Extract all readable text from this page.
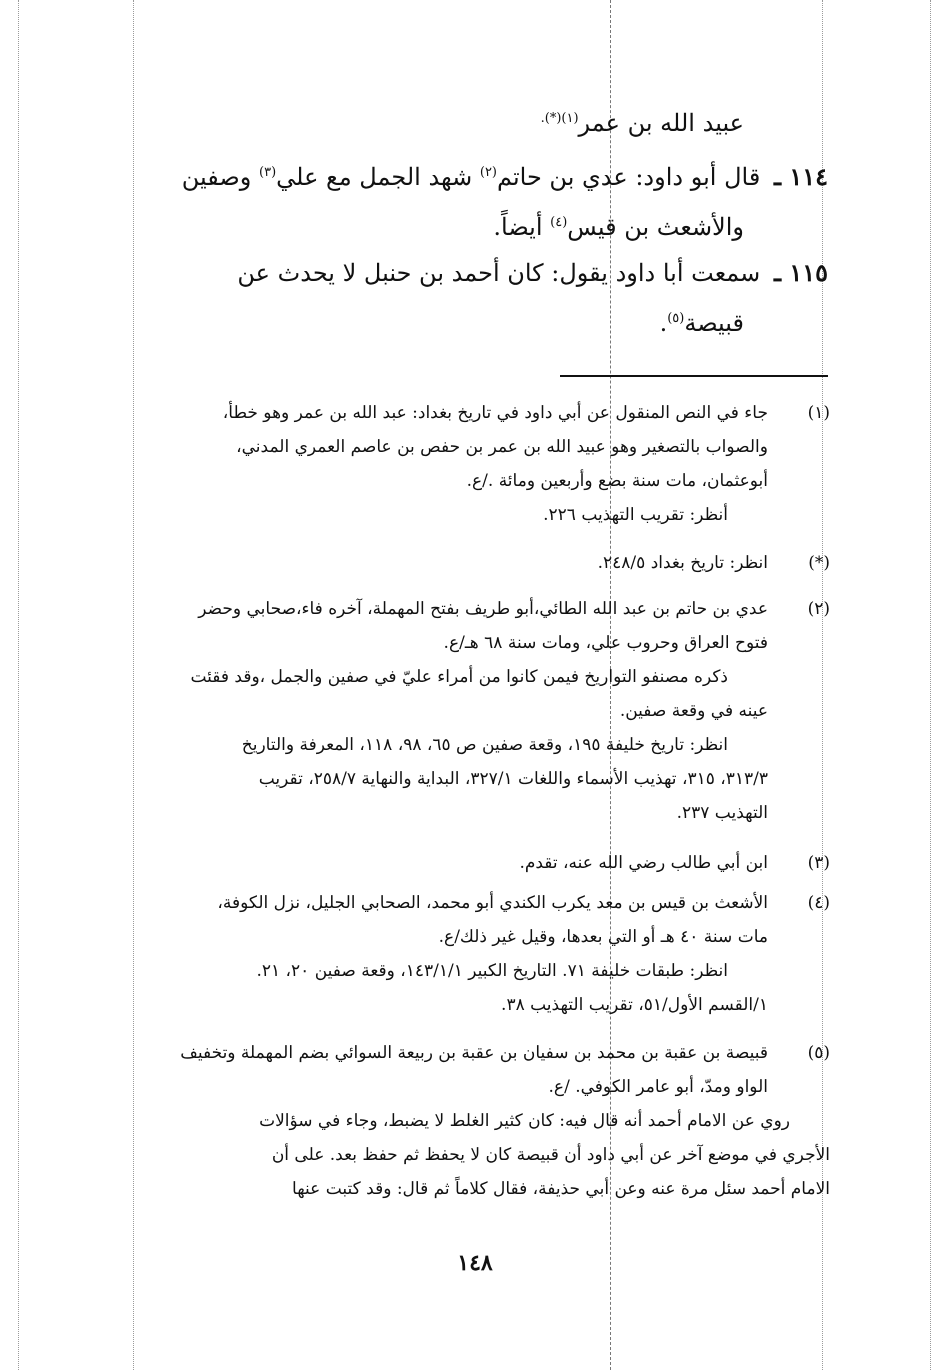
عبيد الله بن عمر$^{(١)(*).}$
١١٤ ـ قال أبو داود: عدي بن حاتم$^{(٢)}$ شهد الجمل مع علي$^{(٣)}$ وصفين
والأشعث بن قيس$^{(٤)}$ أيضاً.
١١٥ ـ سمعت أبا داود يقول: كان أحمد بن حنبل لا يحدث عن
قبيصة$^{(٥)}$.
(١)

جاء في النص المنقول عن أبي داود في تاريخ بغداد: عبد الله بن عمر وهو خطأ،

والصواب بالتصغير وهو عبيد الله بن عمر بن حفص بن عاصم العمري المدني،

أبوعثمان، مات سنة بضع وأربعين ومائة ./ع.

أنظر: تقريب التهذيب ٢٢٦.

(*)

انظر: تاريخ بغداد ٢٤٨/٥.

(٢)

عدي بن حاتم بن عبد الله الطائي،أبو طريف بفتح المهملة، آخره فاء،صحابي وحضر

فتوح العراق وحروب علي، ومات سنة ٦٨ هـ/ع.

ذكره مصنفو التواريخ فيمن كانوا من أمراء عليّ في صفين والجمل ،وقد فقئت

عينه في وقعة صفين.

انظر: تاريخ خليفة ١٩٥، وقعة صفين ص ٦٥، ٩٨، ١١٨، المعرفة والتاريخ

٣١٣/٣، ٣١٥، تهذيب الأسماء واللغات ٣٢٧/١، البداية والنهاية ٢٥٨/٧، تقريب

التهذيب ٢٣٧.

(٣)

ابن أبي طالب رضي الله عنه، تقدم.

(٤)

الأشعث بن قيس بن معد يكرب الكندي أبو محمد، الصحابي الجليل، نزل الكوفة،

مات سنة ٤٠ هـ أو التي بعدها، وقيل غير ذلك/ع.

انظر: طبقات خليفة ٧١. التاريخ الكبير ١٤٣/١/١، وقعة صفين ٢٠، ٢١.

١/القسم الأول/٥١، تقريب التهذيب ٣٨.

(٥)

قبيصة بن عقبة بن محمد بن سفيان بن عقبة بن ربيعة السوائي بضم المهملة وتخفيف

الواو ومدّ، أبو عامر الكوفي. /ع.

روي عن الامام أحمد أنه قال فيه: كان كثير الغلط لا يضبط، وجاء في سؤالات

الأجري في موضع آخر عن أبي داود أن قبيصة كان لا يحفظ ثم حفظ بعد. على أن

الامام أحمد سئل مرة عنه وعن أبي حذيفة، فقال كلاماً ثم قال: وقد كتبت عنها

١٤٨
